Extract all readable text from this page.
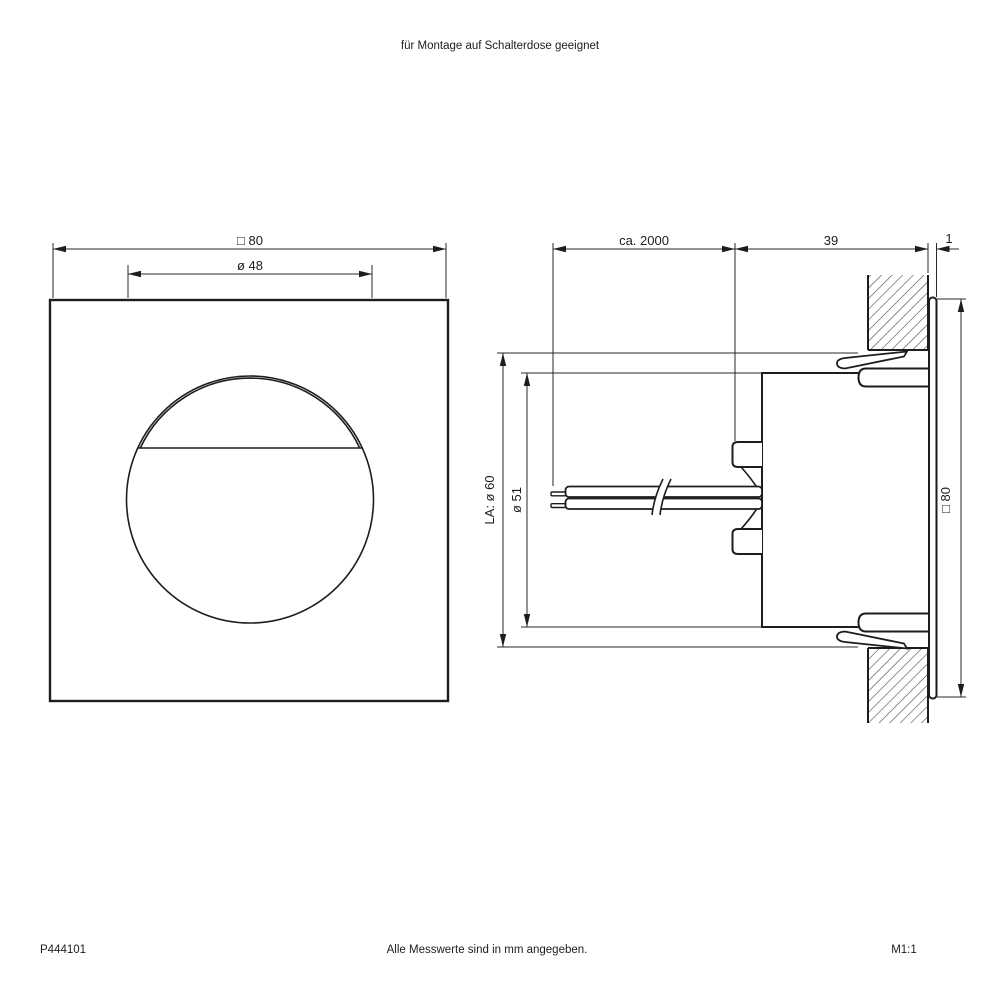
für Montage auf Schalterdose geeignet
□ 80
ø 48
ca. 2000	39	1
LA: ø 60 ø 51	□ 80
P444101	Alle Messwerte sind in mm angegeben.	M1:1
